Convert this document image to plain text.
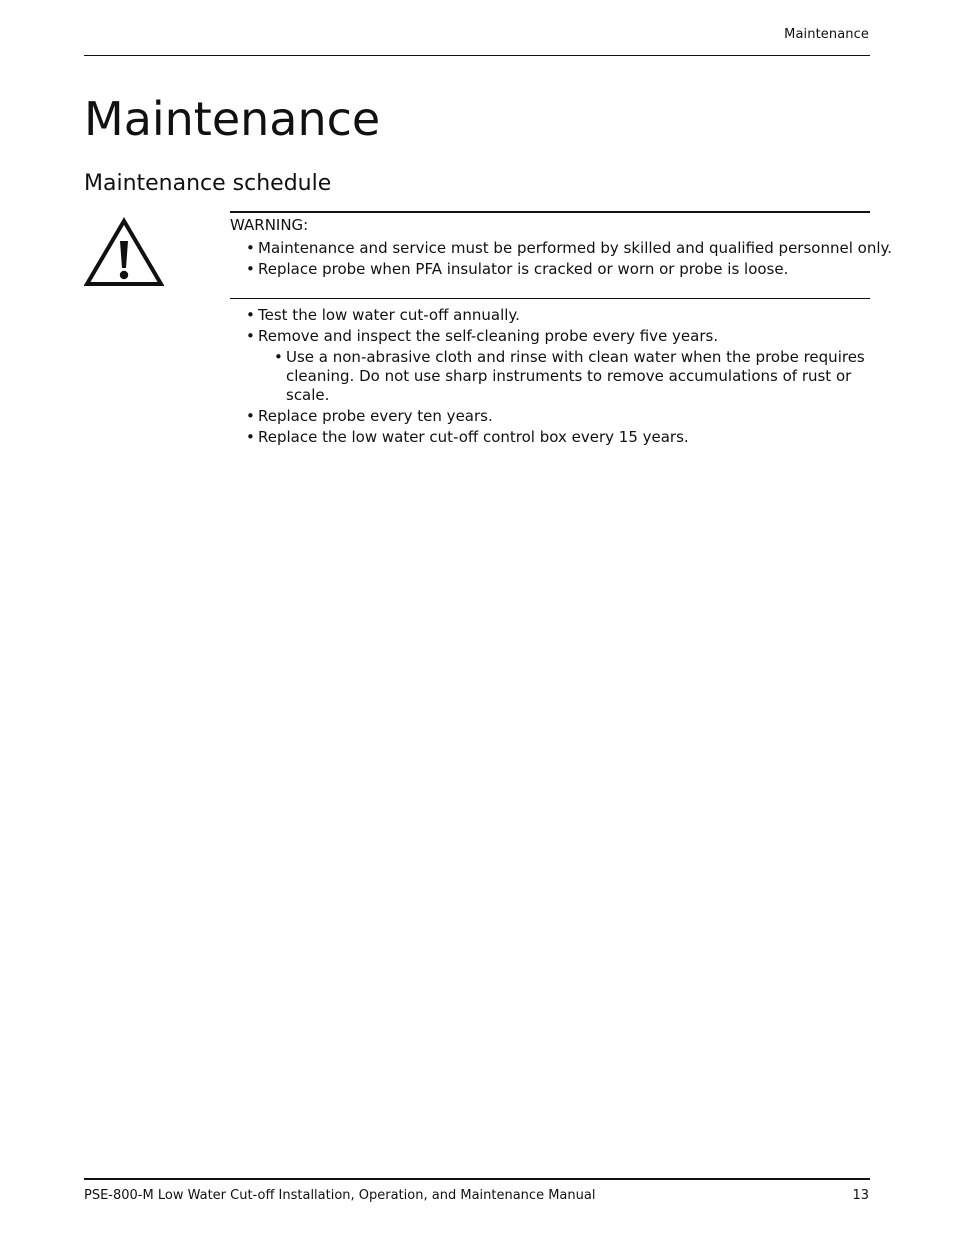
Maintenance
Maintenance
Maintenance schedule
WARNING:
• Maintenance and service must be performed by skilled and qualified personnel only.
• Replace probe when PFA insulator is cracked or worn or probe is loose.
• Test the low water cut-off annually.
• Remove and inspect the self-cleaning probe every five years.
• Use a non-abrasive cloth and rinse with clean water when the probe requires cleaning. Do not use sharp instruments to remove accumulations of rust or scale.
• Replace probe every ten years.
• Replace the low water cut-off control box every 15 years.
PSE-800-M Low Water Cut-off Installation, Operation, and Maintenance Manual	13
